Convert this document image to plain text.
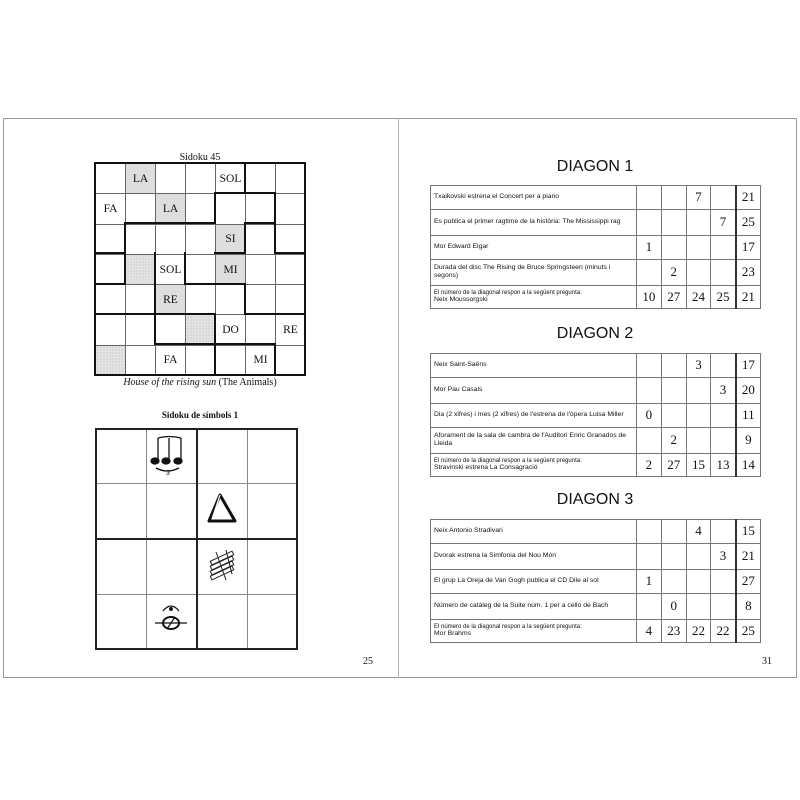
Sidoku 45
	LA			SOL		
FA		LA				
				SI		
		SOL		MI		
		RE				
				DO		RE
		FA			MI	
House of the rising sun (The Animals)
Sidoku de símbols 1

3		

25
DIAGON 1
Txaikovski estrena el Concert per a piano			7		21
Es publica el primer ragtime de la història: The Mississippi rag				7	25
Mor Edward Elgar	1				17
Durada del disc The Rising de Bruce Springsteen (minuts i segons)		2			23

El número de la diagonal respon a la següent pregunta:
Neix Moussorgski	10	27	24	25	21
DIAGON 2
Neix Saint-Saëns			3		17
Mor Pau Casals				3	20
Dia (2 xifres) i mes (2 xifres) de l'estrena de l'òpera Luisa Miller	0				11
Aforament de la sala de cambra de l'Auditori Enric Granados de Lleida		2			9

El número de la diagonal respon a la següent pregunta:
Stravinski estrena La Consagració	2	27	15	13	14
DIAGON 3
Neix Antonio Stradivari			4		15
Dvorak estrena la Simfonia del Nou Món				3	21
El grup La Oreja de Van Gogh publica el CD Dile al sol	1				27
Número de catàleg de la Suite núm. 1 per a cello de Bach		0			8

El número de la diagonal respon a la següent pregunta:
Mor Brahms	4	23	22	22	25
31
